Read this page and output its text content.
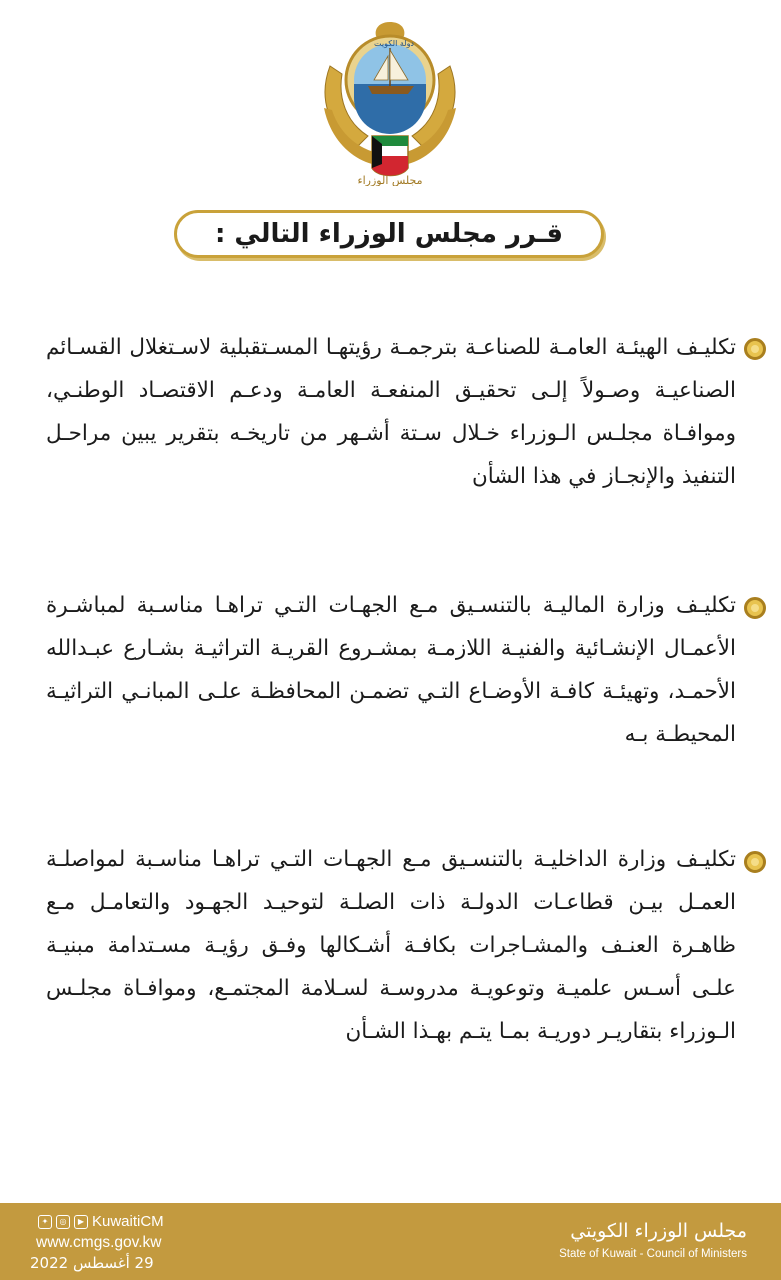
دولة الكويت
مجلس الوزراء
قـرر مجلس الوزراء التالي :
تكليـف الهيئـة العامـة للصناعـة بترجمـة رؤيتهـا المسـتقبلية لاسـتغلال القسـائم الصناعيـة وصـولاً إلـى تحقيـق المنفعـة العامـة ودعـم الاقتصـاد الوطنـي، وموافـاة مجلـس الـوزراء خـلال سـتة أشـهر من تاريخـه بتقرير يبين مراحـل التنفيذ والإنجـاز في هذا الشأن
تكليـف وزارة الماليـة بالتنسـيق مـع الجهـات التـي تراهـا مناسـبة لمباشـرة الأعمـال الإنشـائية والفنيـة اللازمـة بمشـروع القريـة التراثيـة بشـارع عبـدالله الأحمـد، وتهيئـة كافـة الأوضـاع التـي تضمـن المحافظـة علـى المبانـي التراثيـة المحيطـة بـه
تكليـف وزارة الداخليـة بالتنسـيق مـع الجهـات التـي تراهـا مناسـبة لمواصلـة العمـل بيـن قطاعـات الدولـة ذات الصلـة لتوحيـد الجهـود والتعامـل مـع ظاهـرة العنـف والمشـاجرات بكافـة أشـكالها وفـق رؤيـة مسـتدامة مبنيـة علـى أسـس علميـة وتوعويـة مدروسـة لسـلامة المجتمـع، وموافـاة مجلـس الـوزراء بتقاريـر دوريـة بمـا يتـم بهـذا الشـأن
✦	◎	▶ KuwaitiCM
www.cmgs.gov.kw
29 أغسطس 2022
مجلس الوزراء الكويتي
State of Kuwait - Council of Ministers
